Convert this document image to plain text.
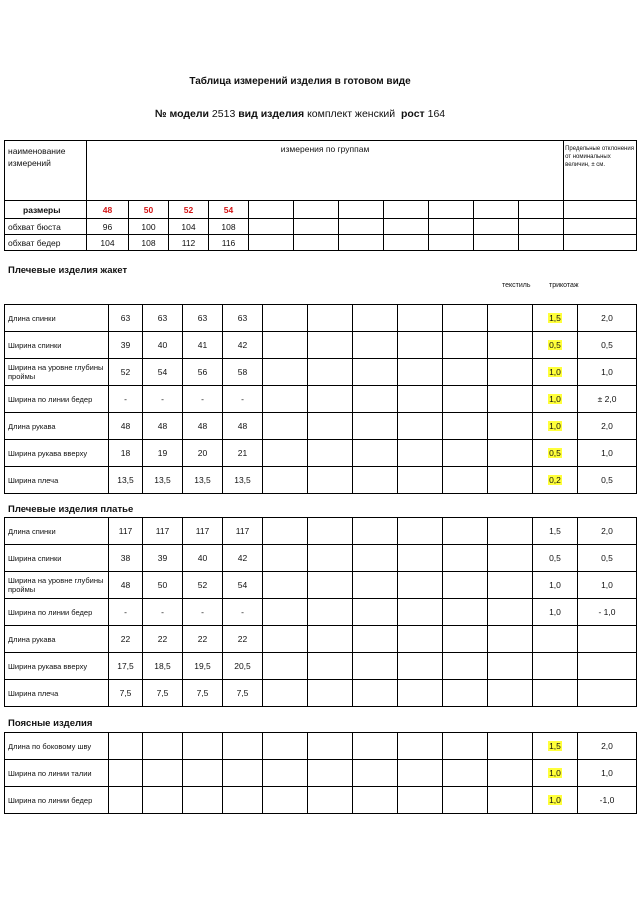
Таблица измерений изделия в готовом виде
№ модели 2513 вид изделия комплект женский рост 164
наименование измерений	измерения по группам											Предельные отклонения от номинальных величин, ± см.
размеры	48	50	52	54								
обхват бюста	96	100	104	108								
обхват бедер	104	108	112	116								
Плечевые изделия жакет
текстиль	трикотаж
Длина спинки	63	63	63	63							1,5	2,0
Ширина спинки	39	40	41	42							0,5	0,5
Ширина на уровне глубины проймы	52	54	56	58							1,0	1,0
Ширина по линии бедер	-	-	-	-							1,0	± 2,0
Длина рукава	48	48	48	48							1,0	2,0
Ширина рукава вверху	18	19	20	21							0,5	1,0
Ширина плеча	13,5	13,5	13,5	13,5							0,2	0,5
Плечевые изделия платье
Длина спинки	117	117	117	117							1,5	2,0
Ширина спинки	38	39	40	42							0,5	0,5
Ширина на уровне глубины проймы	48	50	52	54							1,0	1,0
Ширина по линии бедер	-	-	-	-							1,0	- 1,0
Длина рукава	22	22	22	22								
Ширина рукава вверху	17,5	18,5	19,5	20,5								
Ширина плеча	7,5	7,5	7,5	7,5								
Поясные изделия
Длина по боковому шву											1,5	2,0
Ширина по линии талии											1,0	1,0
Ширина по линии бедер											1,0	-1,0
